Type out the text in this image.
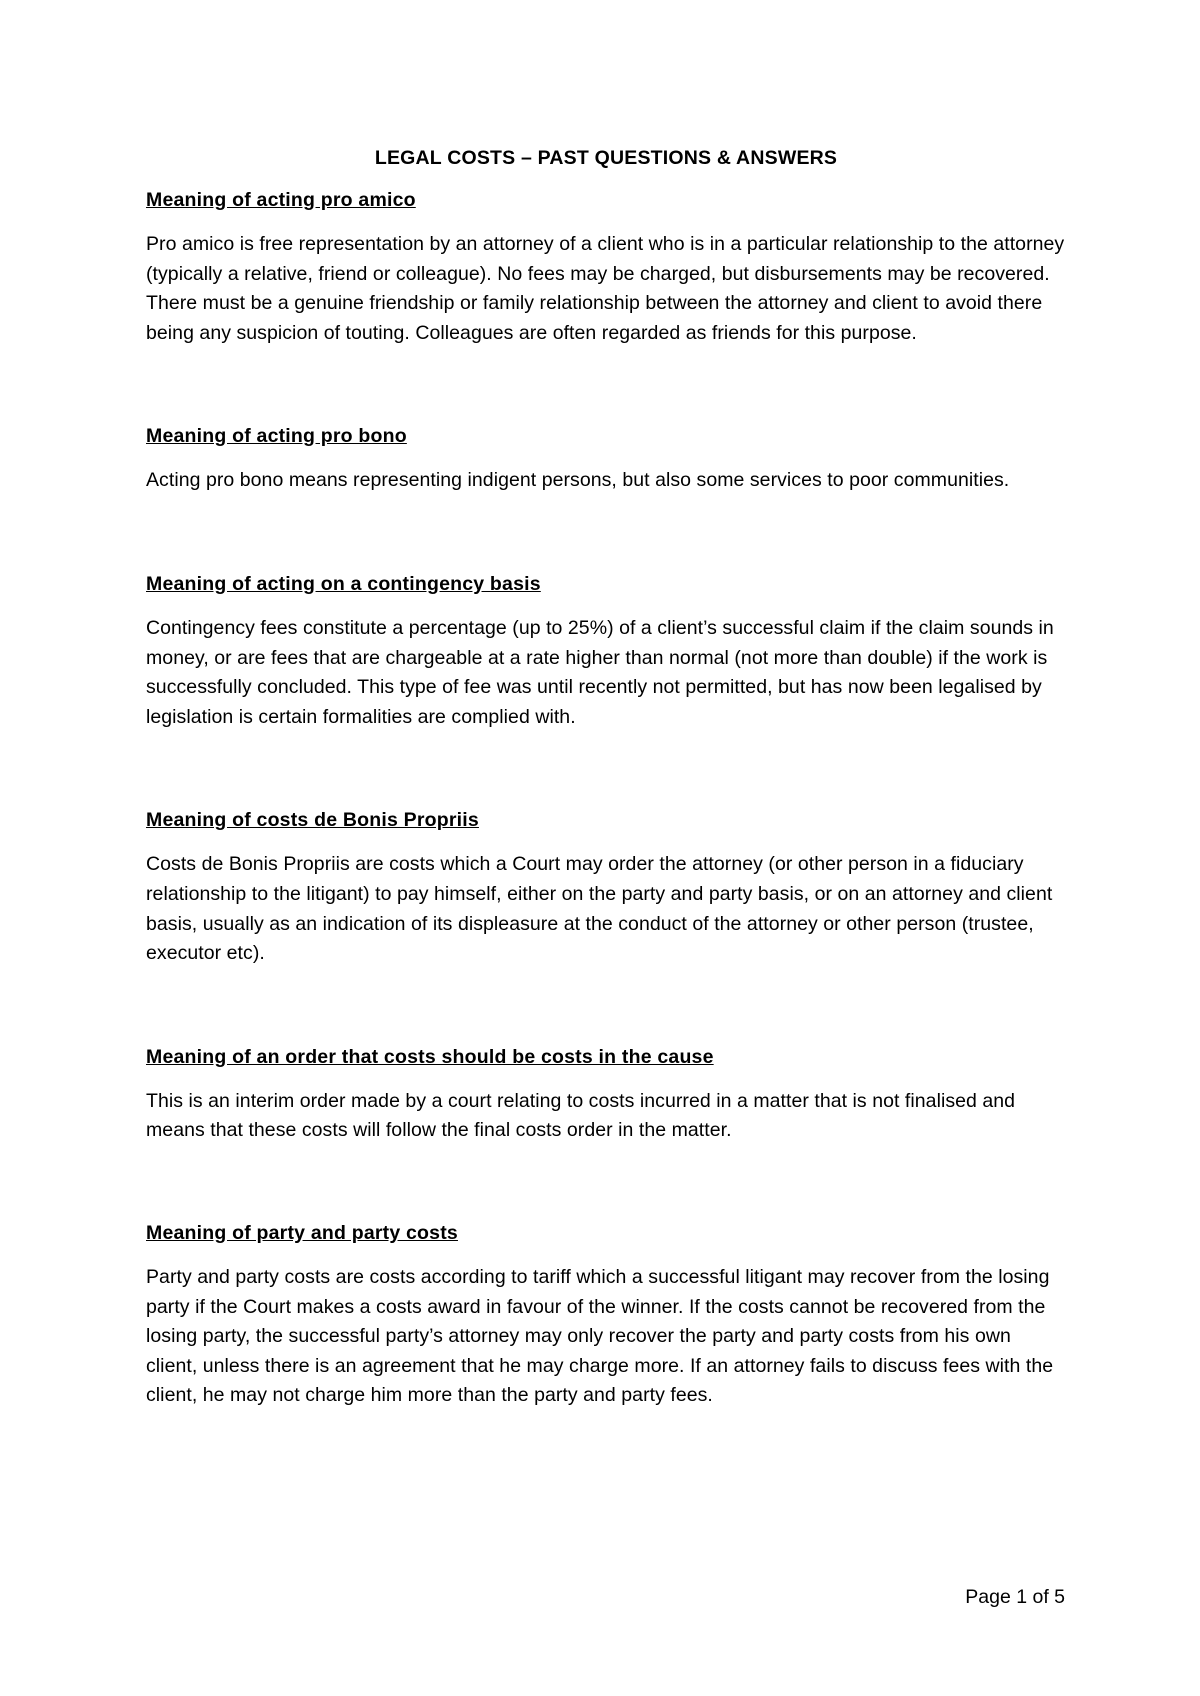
LEGAL COSTS – PAST QUESTIONS & ANSWERS
Meaning of acting pro amico

Pro amico is free representation by an attorney of a client who is in a particular relationship to the attorney (typically a relative, friend or colleague). No fees may be charged, but disbursements may be recovered. There must be a genuine friendship or family relationship between the attorney and client to avoid there being any suspicion of touting. Colleagues are often regarded as friends for this purpose.

Meaning of acting pro bono

Acting pro bono means representing indigent persons, but also some services to poor communities.

Meaning of acting on a contingency basis

Contingency fees constitute a percentage (up to 25%) of a client’s successful claim if the claim sounds in money, or are fees that are chargeable at a rate higher than normal (not more than double) if the work is successfully concluded. This type of fee was until recently not permitted, but has now been legalised by legislation is certain formalities are complied with.

Meaning of costs de Bonis Propriis

Costs de Bonis Propriis are costs which a Court may order the attorney (or other person in a fiduciary relationship to the litigant) to pay himself, either on the party and party basis, or on an attorney and client basis, usually as an indication of its displeasure at the conduct of the attorney or other person (trustee, executor etc).

Meaning of an order that costs should be costs in the cause

This is an interim order made by a court relating to costs incurred in a matter that is not finalised and means that these costs will follow the final costs order in the matter.

Meaning of party and party costs

Party and party costs are costs according to tariff which a successful litigant may recover from the losing party if the Court makes a costs award in favour of the winner. If the costs cannot be recovered from the losing party, the successful party’s attorney may only recover the party and party costs from his own client, unless there is an agreement that he may charge more. If an attorney fails to discuss fees with the client, he may not charge him more than the party and party fees.

Page 1 of 5
